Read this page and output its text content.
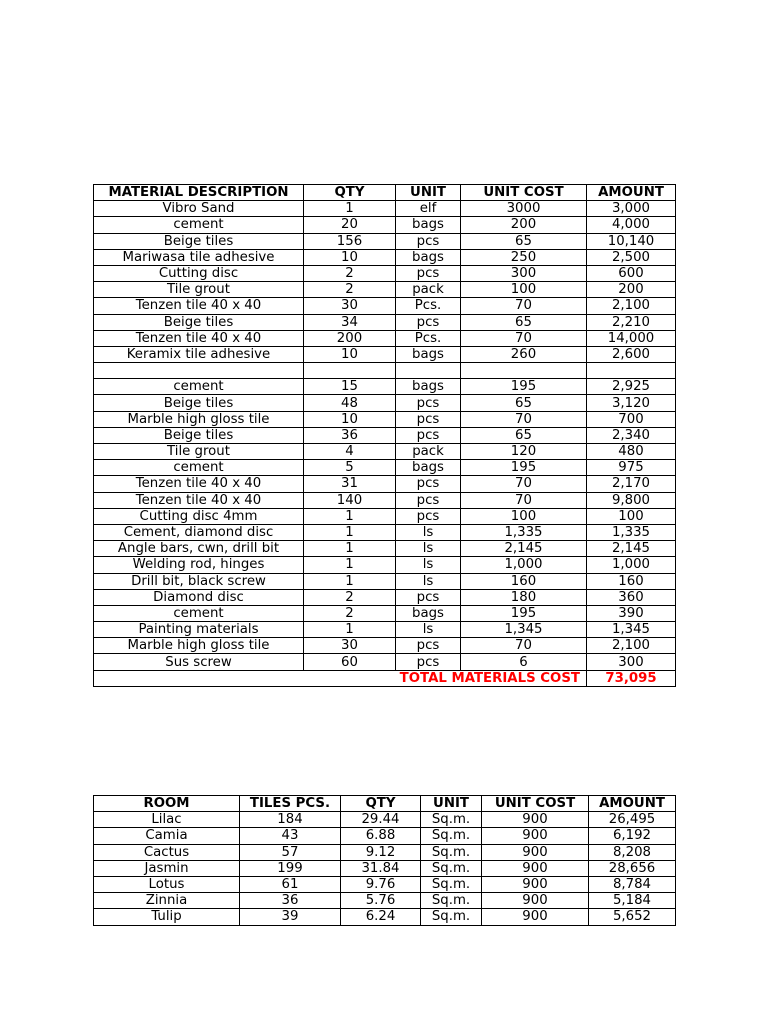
MATERIAL DESCRIPTION	QTY	UNIT	UNIT COST	AMOUNT
Vibro Sand	1	elf	3000	3,000
cement	20	bags	200	4,000
Beige tiles	156	pcs	65	10,140
Mariwasa tile adhesive	10	bags	250	2,500
Cutting disc	2	pcs	300	600
Tile grout	2	pack	100	200
Tenzen tile 40 x 40	30	Pcs.	70	2,100
Beige tiles	34	pcs	65	2,210
Tenzen tile 40 x 40	200	Pcs.	70	14,000
Keramix tile adhesive	10	bags	260	2,600

cement	15	bags	195	2,925
Beige tiles	48	pcs	65	3,120
Marble high gloss tile	10	pcs	70	700
Beige tiles	36	pcs	65	2,340
Tile grout	4	pack	120	480
cement	5	bags	195	975
Tenzen tile 40 x 40	31	pcs	70	2,170
Tenzen tile 40 x 40	140	pcs	70	9,800
Cutting disc 4mm	1	pcs	100	100
Cement, diamond disc	1	ls	1,335	1,335
Angle bars, cwn, drill bit	1	ls	2,145	2,145
Welding rod, hinges	1	ls	1,000	1,000
Drill bit, black screw	1	ls	160	160
Diamond disc	2	pcs	180	360
cement	2	bags	195	390
Painting materials	1	ls	1,345	1,345
Marble high gloss tile	30	pcs	70	2,100
Sus screw	60	pcs	6	300
TOTAL MATERIALS COST				73,095
ROOM	TILES PCS.	QTY	UNIT	UNIT COST	AMOUNT
Lilac	184	29.44	Sq.m.	900	26,495
Camia	43	6.88	Sq.m.	900	6,192
Cactus	57	9.12	Sq.m.	900	8,208
Jasmin	199	31.84	Sq.m.	900	28,656
Lotus	61	9.76	Sq.m.	900	8,784
Zinnia	36	5.76	Sq.m.	900	5,184
Tulip	39	6.24	Sq.m.	900	5,652
